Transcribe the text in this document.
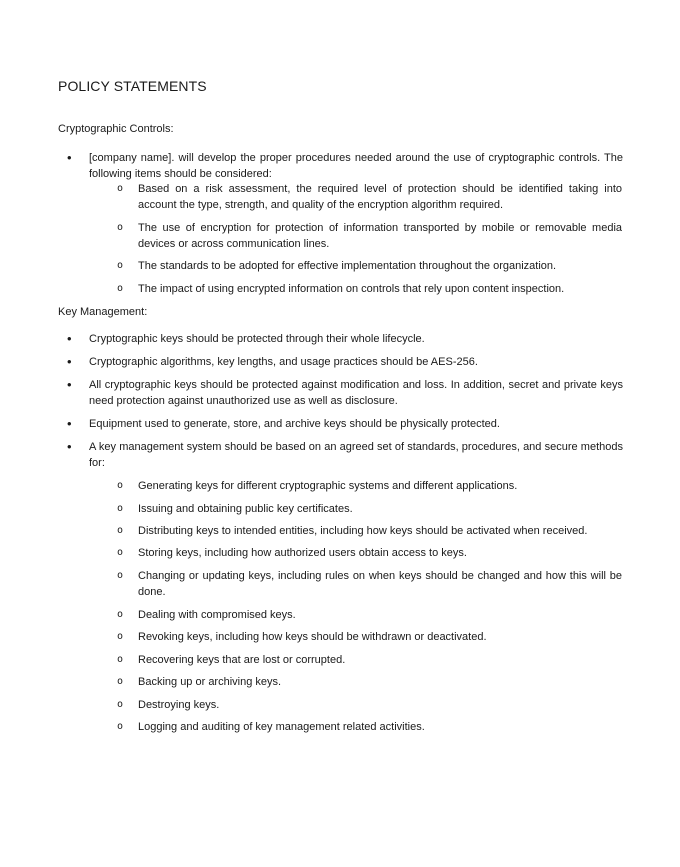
POLICY STATEMENTS

Cryptographic Controls:

• [company name]. will develop the proper procedures needed around the use of cryptographic controls. The following items should be considered:
o Based on a risk assessment, the required level of protection should be identified taking into account the type, strength, and quality of the encryption algorithm required.
o The use of encryption for protection of information transported by mobile or removable media devices or across communication lines.
o The standards to be adopted for effective implementation throughout the organization.
o The impact of using encrypted information on controls that rely upon content inspection.

Key Management:

• Cryptographic keys should be protected through their whole lifecycle.
• Cryptographic algorithms, key lengths, and usage practices should be AES-256.
• All cryptographic keys should be protected against modification and loss. In addition, secret and private keys need protection against unauthorized use as well as disclosure.
• Equipment used to generate, store, and archive keys should be physically protected.
• A key management system should be based on an agreed set of standards, procedures, and secure methods for:
o Generating keys for different cryptographic systems and different applications.
o Issuing and obtaining public key certificates.
o Distributing keys to intended entities, including how keys should be activated when received.
o Storing keys, including how authorized users obtain access to keys.
o Changing or updating keys, including rules on when keys should be changed and how this will be done.
o Dealing with compromised keys.
o Revoking keys, including how keys should be withdrawn or deactivated.
o Recovering keys that are lost or corrupted.
o Backing up or archiving keys.
o Destroying keys.
o Logging and auditing of key management related activities.
